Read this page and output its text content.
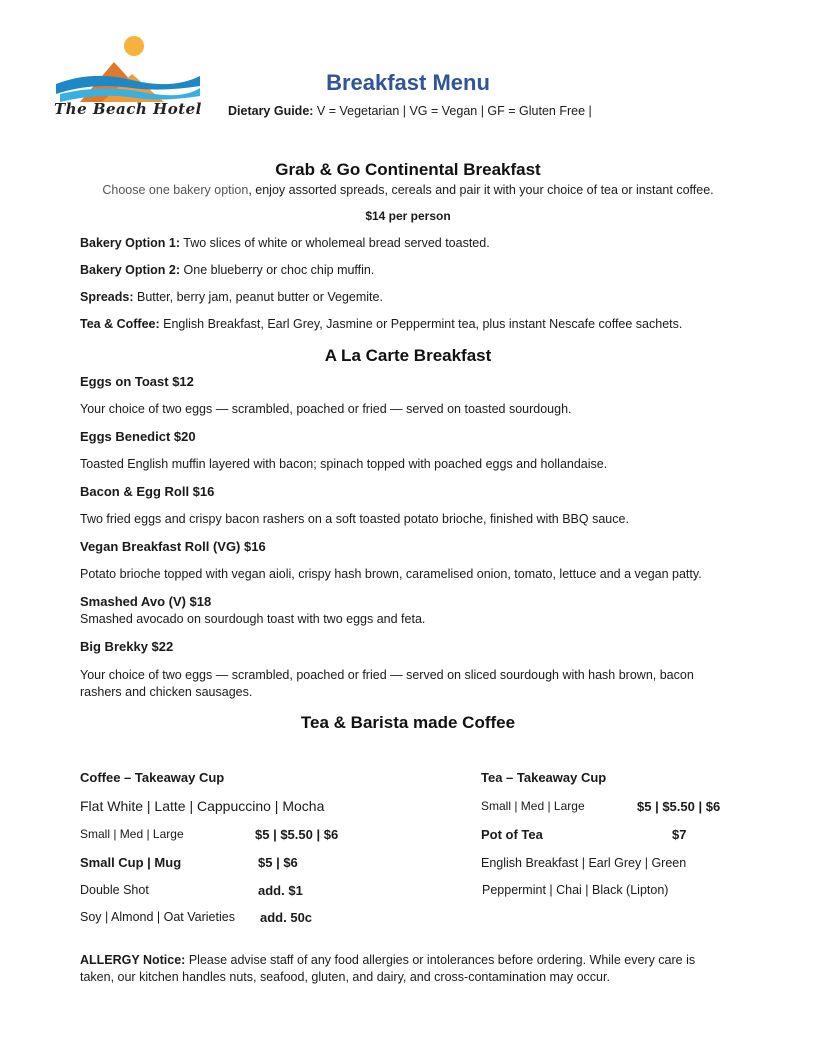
The Beach Hotel
Breakfast Menu
Dietary Guide: V = Vegetarian | VG = Vegan | GF = Gluten Free |
Grab & Go Continental Breakfast
Choose one bakery option, enjoy assorted spreads, cereals and pair it with your choice of tea or instant coffee.
$14 per person
Bakery Option 1: Two slices of white or wholemeal bread served toasted.
Bakery Option 2: One blueberry or choc chip muffin.
Spreads: Butter, berry jam, peanut butter or Vegemite.
Tea & Coffee: English Breakfast, Earl Grey, Jasmine or Peppermint tea, plus instant Nescafe coffee sachets.
A La Carte Breakfast
Eggs on Toast $12
Your choice of two eggs — scrambled, poached or fried — served on toasted sourdough.
Eggs Benedict $20
Toasted English muffin layered with bacon; spinach topped with poached eggs and hollandaise.
Bacon & Egg Roll $16
Two fried eggs and crispy bacon rashers on a soft toasted potato brioche, finished with BBQ sauce.
Vegan Breakfast Roll (VG) $16
Potato brioche topped with vegan aioli, crispy hash brown, caramelised onion, tomato, lettuce and a vegan patty.
Smashed Avo (V) $18
Smashed avocado on sourdough toast with two eggs and feta.
Big Brekky $22
Your choice of two eggs — scrambled, poached or fried — served on sliced sourdough with hash brown, bacon rashers and chicken sausages.
Tea & Barista made Coffee
Coffee – Takeaway Cup
Flat White | Latte | Cappuccino | Mocha
Small | Med | Large	$5 | $5.50 | $6
Small Cup | Mug	$5 | $6
Double Shot	add. $1
Soy | Almond | Oat Varieties add. 50c
Tea – Takeaway Cup
Small | Med | Large	$5 | $5.50 | $6
Pot of Tea	$7
English Breakfast | Earl Grey | Green
Peppermint | Chai | Black (Lipton)
ALLERGY Notice: Please advise staff of any food allergies or intolerances before ordering. While every care is taken, our kitchen handles nuts, seafood, gluten, and dairy, and cross-contamination may occur.
